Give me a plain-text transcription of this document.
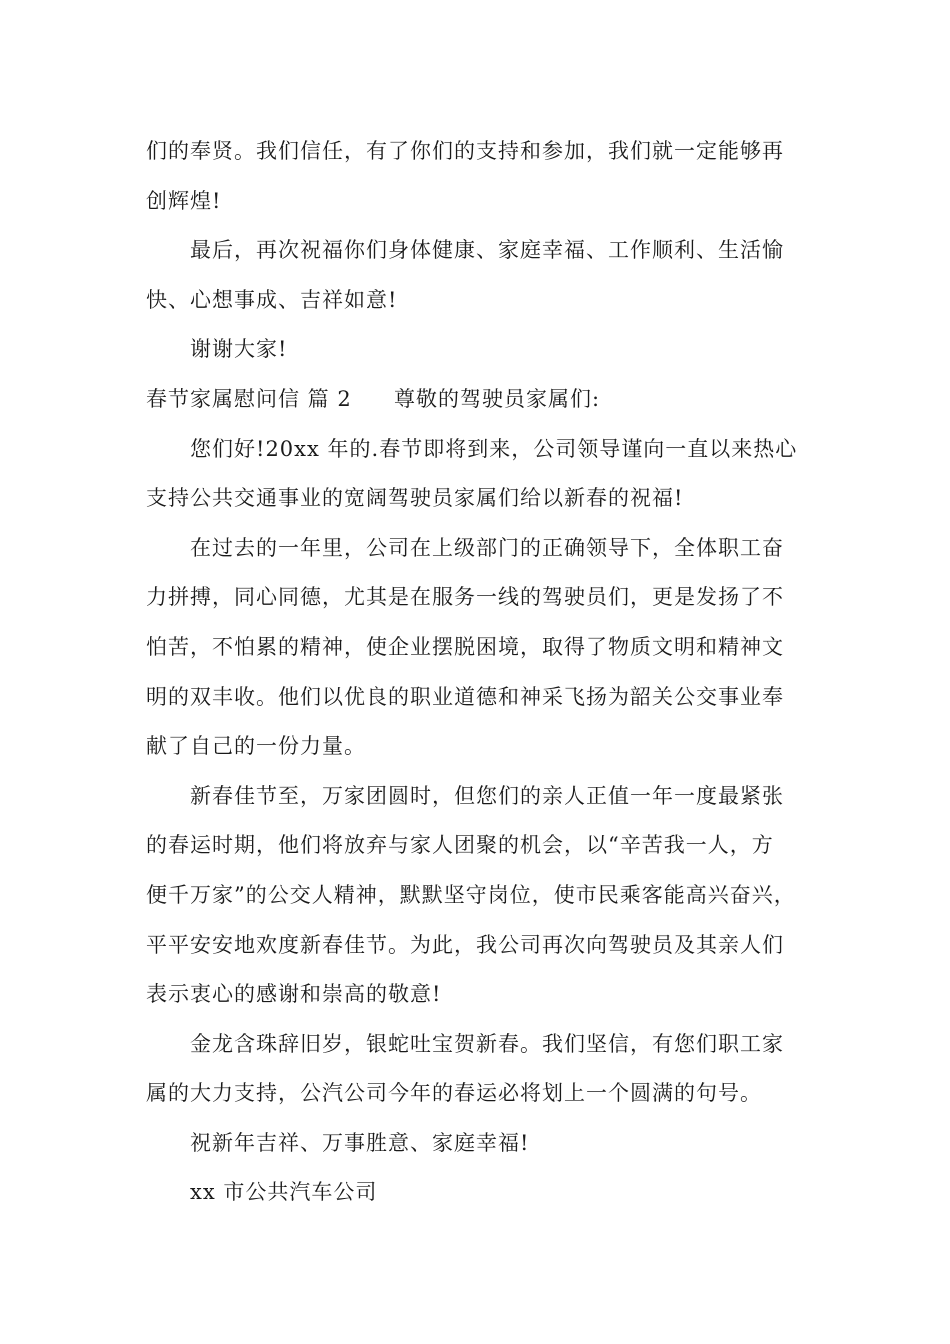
们的奉贤。我们信任，有了你们的支持和参加，我们就一定能够再
创辉煌!
最后，再次祝福你们身体健康、家庭幸福、工作顺利、生活愉
快、心想事成、吉祥如意!
谢谢大家!
春节家属慰问信 篇 2	尊敬的驾驶员家属们:
您们好!20xx 年的.春节即将到来，公司领导谨向一直以来热心
支持公共交通事业的宽阔驾驶员家属们给以新春的祝福!
在过去的一年里，公司在上级部门的正确领导下，全体职工奋
力拼搏，同心同德，尤其是在服务一线的驾驶员们，更是发扬了不
怕苦，不怕累的精神，使企业摆脱困境，取得了物质文明和精神文
明的双丰收。他们以优良的职业道德和神采飞扬为韶关公交事业奉
献了自己的一份力量。
新春佳节至，万家团圆时，但您们的亲人正值一年一度最紧张
的春运时期，他们将放弃与家人团聚的机会，以“辛苦我一人，方
便千万家”的公交人精神，默默坚守岗位，使市民乘客能高兴奋兴，
平平安安地欢度新春佳节。为此，我公司再次向驾驶员及其亲人们
表示衷心的感谢和崇高的敬意!
金龙含珠辞旧岁，银蛇吐宝贺新春。我们坚信，有您们职工家
属的大力支持，公汽公司今年的春运必将划上一个圆满的句号。
祝新年吉祥、万事胜意、家庭幸福!
xx 市公共汽车公司
